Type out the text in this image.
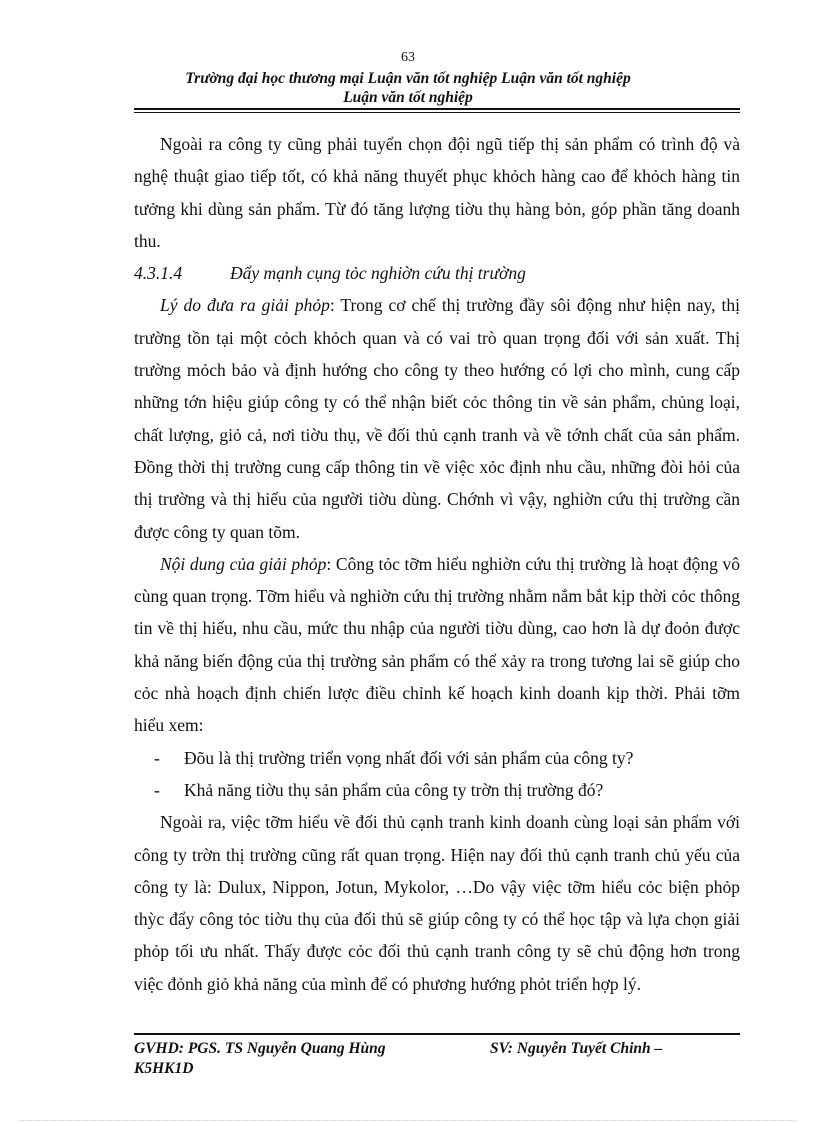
63
Trường đại học thương mại Luận văn tốt nghiệp Luận văn tốt nghiệp
Luận văn tốt nghiệp

Ngoài ra công ty cũng phải tuyển chọn đội ngũ tiếp thị sản phẩm có trình độ và nghệ thuật giao tiếp tốt, có khả năng thuyết phục khỏch hàng cao để khỏch hàng tin tưởng khi dùng sản phẩm. Từ đó tăng lượng tiờu thụ hàng bỏn, góp phần tăng doanh thu.

4.3.1.4	Đẩy mạnh cụng tỏc nghiờn cứu thị trường

Lý do đưa ra giải phỏp: Trong cơ chế thị trường đầy sôi động như hiện nay, thị trường tồn tại một cỏch khỏch quan và có vai trò quan trọng đối với sản xuất. Thị trường mỏch bảo và định hướng cho công ty theo hướng có lợi cho mình, cung cấp những tớn hiệu giúp công ty có thể nhận biết cỏc thông tin về sản phẩm, chủng loại, chất lượng, giỏ cả, nơi tiờu thụ, về đối thủ cạnh tranh và về tớnh chất của sản phẩm. Đồng thời thị trường cung cấp thông tin về việc xỏc định nhu cầu, những đòi hỏi của thị trường và thị hiếu của người tiờu dùng. Chớnh vì vậy, nghiờn cứu thị trường cần được công ty quan tõm.

Nội dung của giải phỏp: Công tỏc tỡm hiểu nghiờn cứu thị trường là hoạt động vô cùng quan trọng. Tỡm hiểu và nghiờn cứu thị trường nhằm nắm bắt kịp thời cỏc thông tin về thị hiếu, nhu cầu, mức thu nhập của người tiờu dùng, cao hơn là dự đoỏn được khả năng biến động của thị trường sản phẩm có thể xảy ra trong tương lai sẽ giúp cho cỏc nhà hoạch định chiến lược điều chỉnh kế hoạch kinh doanh kịp thời. Phải tỡm hiểu xem:

-	Đõu là thị trường triển vọng nhất đối với sản phẩm của công ty?
-	Khả năng tiờu thụ sản phẩm của công ty trờn thị trường đó?

Ngoài ra, việc tỡm hiểu về đối thủ cạnh tranh kinh doanh cùng loại sản phẩm với công ty trờn thị trường cũng rất quan trọng. Hiện nay đối thủ cạnh tranh chủ yếu của công ty là: Dulux, Nippon, Jotun, Mykolor, …Do vậy việc tỡm hiểu cỏc biện phỏp thỳc đẩy công tỏc tiờu thụ của đối thủ sẽ giúp công ty có thể học tập và lựa chọn giải phỏp tối ưu nhất. Thấy được cỏc đối thủ cạnh tranh công ty sẽ chủ động hơn trong việc đỏnh giỏ khả năng của mình để có phương hướng phỏt triển hợp lý.

GVHD: PGS. TS Nguyễn Quang Hùng	SV: Nguyễn Tuyết Chinh –
K5HK1D
